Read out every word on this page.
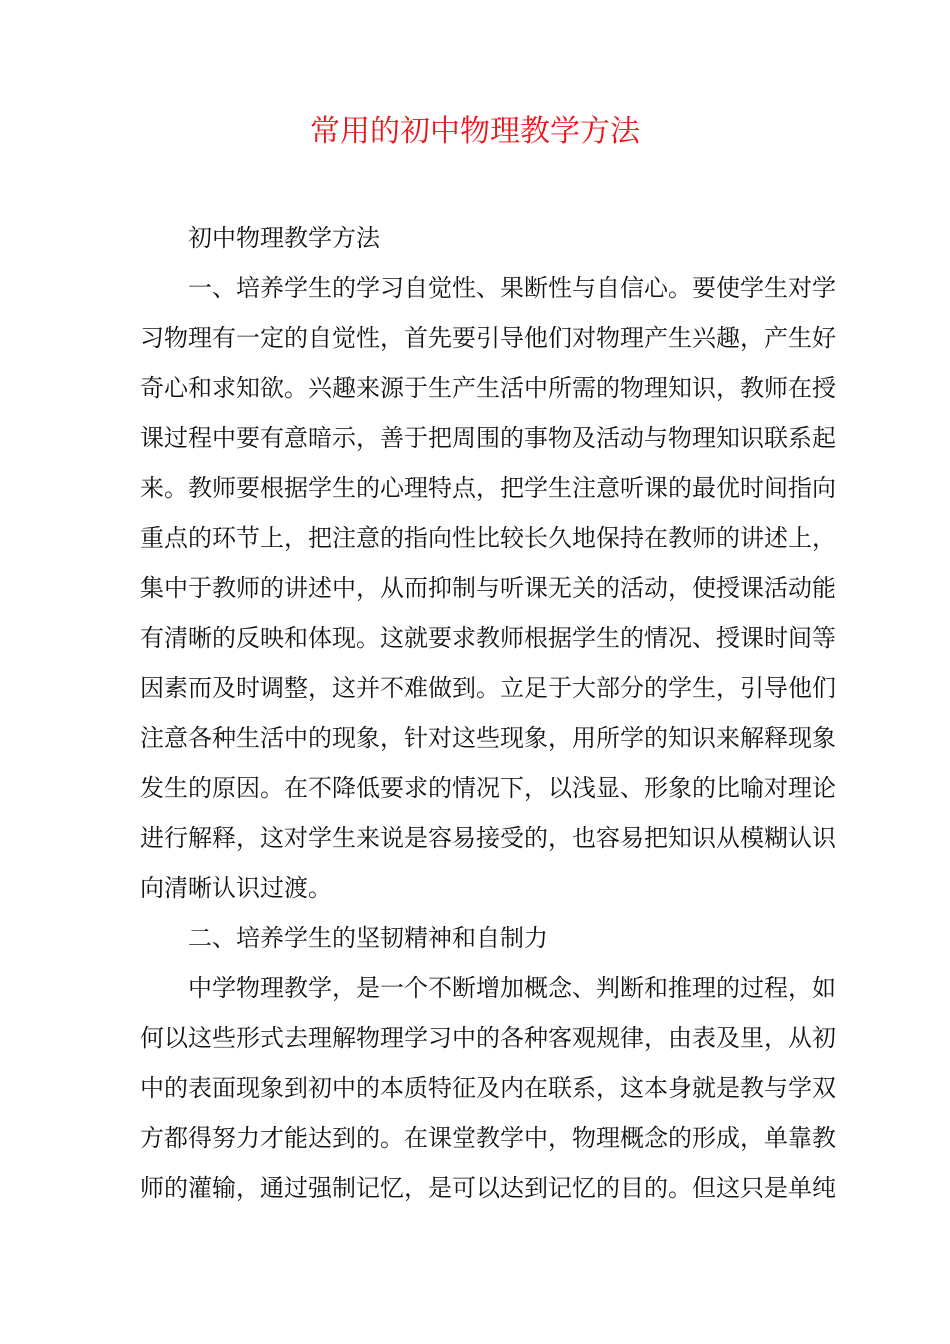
常用的初中物理教学方法
初中物理教学方法
一、培养学生的学习自觉性、果断性与自信心。要使学生对学
习物理有一定的自觉性，首先要引导他们对物理产生兴趣，产生好
奇心和求知欲。兴趣来源于生产生活中所需的物理知识，教师在授
课过程中要有意暗示，善于把周围的事物及活动与物理知识联系起
来。教师要根据学生的心理特点，把学生注意听课的最优时间指向
重点的环节上，把注意的指向性比较长久地保持在教师的讲述上，
集中于教师的讲述中，从而抑制与听课无关的活动，使授课活动能
有清晰的反映和体现。这就要求教师根据学生的情况、授课时间等
因素而及时调整，这并不难做到。立足于大部分的学生，引导他们
注意各种生活中的现象，针对这些现象，用所学的知识来解释现象
发生的原因。在不降低要求的情况下，以浅显、形象的比喻对理论
进行解释，这对学生来说是容易接受的，也容易把知识从模糊认识
向清晰认识过渡。
二、培养学生的坚韧精神和自制力
中学物理教学，是一个不断增加概念、判断和推理的过程，如
何以这些形式去理解物理学习中的各种客观规律，由表及里，从初
中的表面现象到初中的本质特征及内在联系，这本身就是教与学双
方都得努力才能达到的。在课堂教学中，物理概念的形成，单靠教
师的灌输，通过强制记忆，是可以达到记忆的目的。但这只是单纯
